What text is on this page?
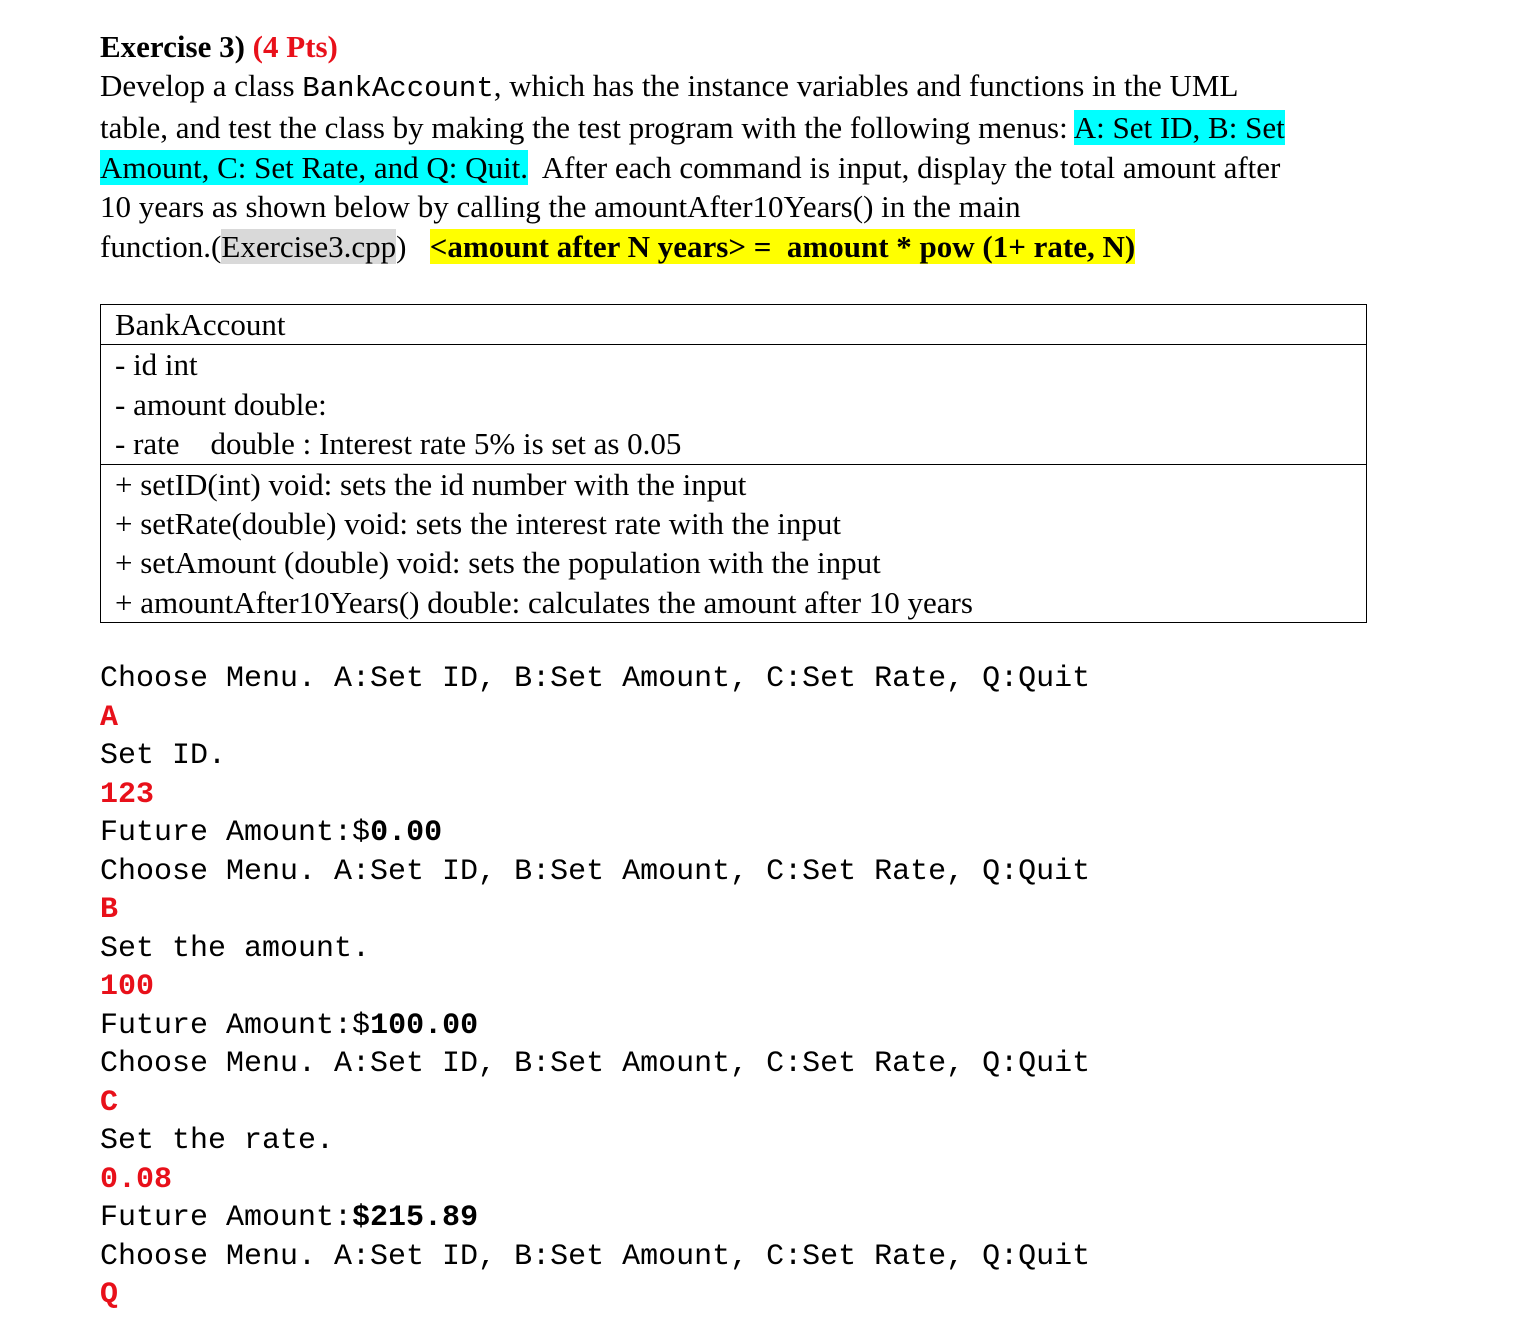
Exercise 3) (4 Pts)
Develop a class BankAccount, which has the instance variables and functions in the UML
table, and test the class by making the test program with the following menus: A: Set ID, B: Set
Amount, C: Set Rate, and Q: Quit.  After each command is input, display the total amount after
10 years as shown below by calling the amountAfter10Years() in the main
function.(Exercise3.cpp)   <amount after N years> =  amount * pow (1+ rate, N)
BankAccount

- id int
- amount double:
- rate    double : Interest rate 5% is set as 0.05

+ setID(int) void: sets the id number with the input
+ setRate(double) void: sets the interest rate with the input
+ setAmount (double) void: sets the population with the input
+ amountAfter10Years() double: calculates the amount after 10 years
Choose Menu. A:Set ID, B:Set Amount, C:Set Rate, Q:Quit
A
Set ID.
123
Future Amount:$0.00
Choose Menu. A:Set ID, B:Set Amount, C:Set Rate, Q:Quit
B
Set the amount.
100
Future Amount:$100.00
Choose Menu. A:Set ID, B:Set Amount, C:Set Rate, Q:Quit
C
Set the rate.
0.08
Future Amount:$215.89
Choose Menu. A:Set ID, B:Set Amount, C:Set Rate, Q:Quit
Q
